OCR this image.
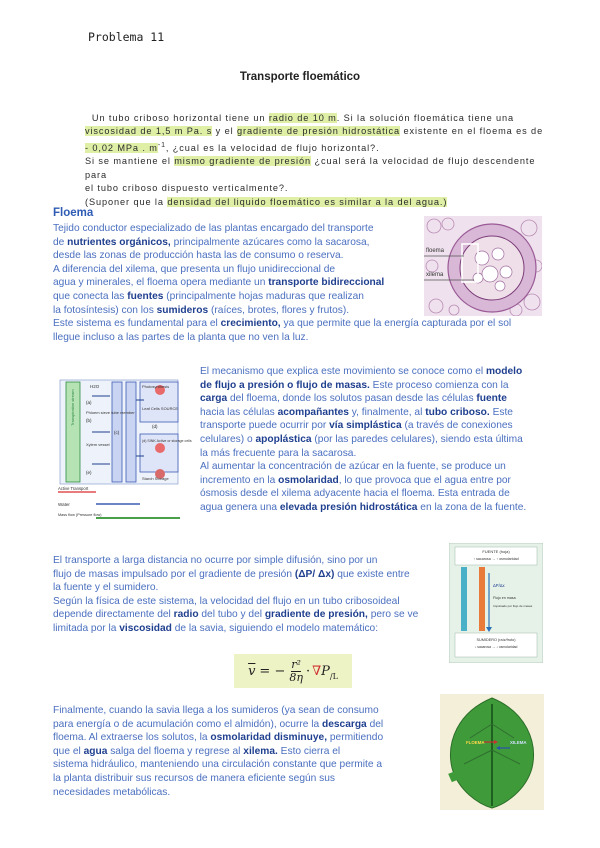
Problema 11
Transporte floemático
Un tubo criboso horizontal tiene un radio de 10 m. Si la solución floemática tiene una
viscosidad de 1,5 m Pa. s y el gradiente de presión hidrostática existente en el floema es de
- 0,02 MPa . $m^{-1}$, ¿cual es la velocidad de flujo horizontal?.
Si se mantiene el mismo gradiente de presión ¿cual será la velocidad de flujo descendente para
el tubo criboso dispuesto verticalmente?.
(Suponer que la densidad del liquido floemático es similar a la del agua.)
Floema
Tejido conductor especializado de las plantas encargado del transporte
de nutrientes orgánicos, principalmente azúcares como la sacarosa,
desde las zonas de producción hasta las de consumo o reserva.
A diferencia del xilema, que presenta un flujo unidireccional de
agua y minerales, el floema opera mediante un transporte bidireccional
que conecta las fuentes (principalmente hojas maduras que realizan
la fotosíntesis) con los sumideros (raíces, brotes, flores y frutos).
Este sistema es fundamental para el crecimiento, ya que permite que la energía capturada por el sol
llegue incluso a las partes de la planta que no ven la luz.
floema
xilema
H2O
Phloem sieve tube member
Xylem vessel
Photosynthesis
Leaf Cells SOURCE
(d) SINK Active or storage cells
Starch Storage
Transpiration stream (a)
(b)
(c)
(d)
(e)
Active Transport
Water
Mass flow (Pressure flow)
El mecanismo que explica este movimiento se conoce como el modelo
de flujo a presión o flujo de masas. Este proceso comienza con la
carga del floema, donde los solutos pasan desde las células fuente
hacia las células acompañantes y, finalmente, al tubo criboso. Este
transporte puede ocurrir por vía simplástica (a través de conexiones
celulares) o apoplástica (por las paredes celulares), siendo esta última
la más frecuente para la sacarosa.
Al aumentar la concentración de azúcar en la fuente, se produce un
incremento en la osmolaridad, lo que provoca que el agua entre por
ósmosis desde el xilema adyacente hacia el floema. Esta entrada de
agua genera una elevada presión hidrostática en la zona de la fuente.
El transporte a larga distancia no ocurre por simple difusión, sino por un
flujo de masas impulsado por el gradiente de presión (ΔP/ Δx) que existe entre
la fuente y el sumidero.
Según la física de este sistema, la velocidad del flujo en un tubo cribosoideal
depende directamente del radio del tubo y del gradiente de presión, pero se ve
limitada por la viscosidad de la savia, siguiendo el modelo matemático:
$\overline{v}$ = − $\frac{\text{r²}}{8\eta} \cdot \nabla P$ /L
FUENTE (hoja)
↑ sacarosa → ↑ osmolaridad
ΔP/Δx
Flujo en masa
Impulsado por flujo de masas
SUMIDERO (raíz/fruto)
↓ sacarosa → ↓ osmolaridad
Finalmente, cuando la savia llega a los sumideros (ya sean de consumo
para energía o de acumulación como el almidón), ocurre la descarga del
floema. Al extraerse los solutos, la osmolaridad disminuye, permitiendo
que el agua salga del floema y regrese al xilema. Esto cierra el
sistema hidráulico, manteniendo una circulación constante que permite a
la planta distribuir sus recursos de manera eficiente según sus
necesidades metabólicas.
FLOEMA	XILEMA
